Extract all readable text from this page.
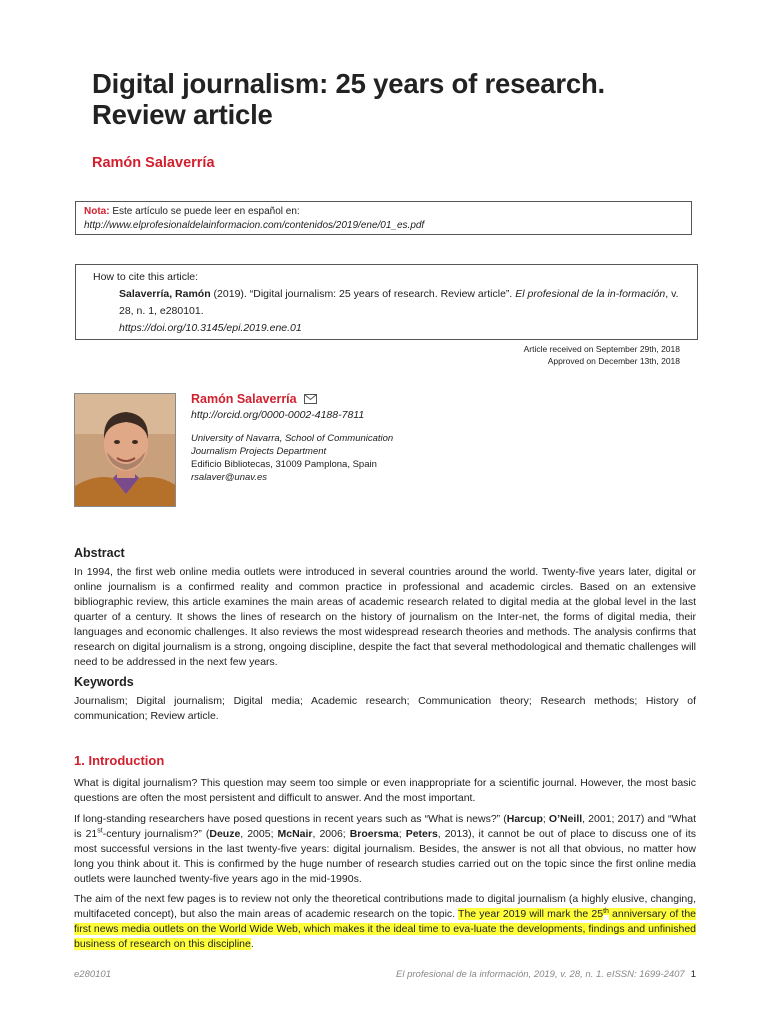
Digital journalism: 25 years of research.
Review article
Ramón Salaverría
Nota: Este artículo se puede leer en español en:
http://www.elprofesionaldelainformacion.com/contenidos/2019/ene/01_es.pdf
How to cite this article:
Salaverría, Ramón (2019). “Digital journalism: 25 years of research. Review article”. El profesional de la in-formación, v. 28, n. 1, e280101.
https://doi.org/10.3145/epi.2019.ene.01
Article received on September 29th, 2018
Approved on December 13th, 2018
Ramón Salaverría
http://orcid.org/0000-0002-4188-7811
University of Navarra, School of Communication
Journalism Projects Department
Edificio Bibliotecas, 31009 Pamplona, Spain
rsalaver@unav.es
Abstract
In 1994, the first web online media outlets were introduced in several countries around the world. Twenty-five years later, digital or online journalism is a confirmed reality and common practice in professional and academic circles. Based on an extensive bibliographic review, this article examines the main areas of academic research related to digital media at the global level in the last quarter of a century. It shows the lines of research on the history of journalism on the Inter-net, the forms of digital media, their languages and economic challenges. It also reviews the most widespread research theories and methods. The analysis confirms that research on digital journalism is a strong, ongoing discipline, despite the fact that several methodological and thematic challenges will need to be addressed in the next few years.
Keywords
Journalism; Digital journalism; Digital media; Academic research; Communication theory; Research methods; History of communication; Review article.
1. Introduction
What is digital journalism? This question may seem too simple or even inappropriate for a scientific journal. However, the most basic questions are often the most persistent and difficult to answer. And the most important.
If long-standing researchers have posed questions in recent years such as “What is news?” (Harcup; O’Neill, 2001; 2017) and “What is 21st-century journalism?” (Deuze, 2005; McNair, 2006; Broersma; Peters, 2013), it cannot be out of place to discuss one of its most successful versions in the last twenty-five years: digital journalism. Besides, the answer is not all that obvious, no matter how long you think about it. This is confirmed by the huge number of research studies carried out on the topic since the first online media outlets were launched twenty-five years ago in the mid-1990s.
The aim of the next few pages is to review not only the theoretical contributions made to digital journalism (a highly elusive, changing, multifaceted concept), but also the main areas of academic research on the topic. The year 2019 will mark the 25th anniversary of the first news media outlets on the World Wide Web, which makes it the ideal time to eva-luate the developments, findings and unfinished business of research on this discipline.
e280101	El profesional de la información, 2019, v. 28, n. 1. eISSN: 1699-2407 1
